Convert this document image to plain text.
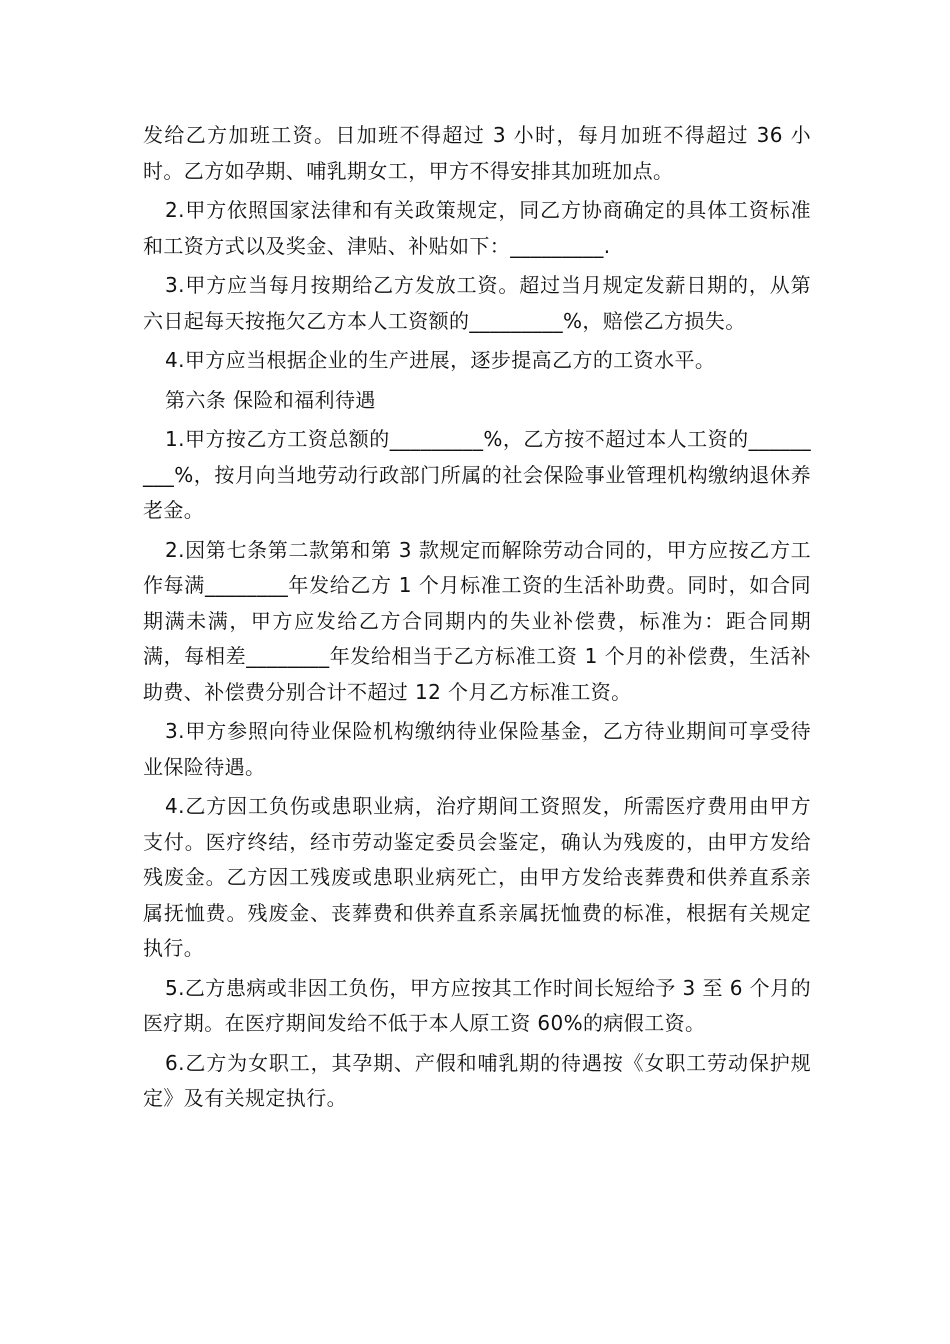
发给乙方加班工资。日加班不得超过 3 小时，每月加班不得超过 36 小时。乙方如孕期、哺乳期女工，甲方不得安排其加班加点。

2.甲方依照国家法律和有关政策规定，同乙方协商确定的具体工资标准和工资方式以及奖金、津贴、补贴如下：_________.

3.甲方应当每月按期给乙方发放工资。超过当月规定发薪日期的，从第六日起每天按拖欠乙方本人工资额的_________%，赔偿乙方损失。

4.甲方应当根据企业的生产进展，逐步提高乙方的工资水平。

第六条 保险和福利待遇

1.甲方按乙方工资总额的_________%，乙方按不超过本人工资的_________%，按月向当地劳动行政部门所属的社会保险事业管理机构缴纳退休养老金。

2.因第七条第二款第和第 3 款规定而解除劳动合同的，甲方应按乙方工作每满________年发给乙方 1 个月标准工资的生活补助费。同时，如合同期满未满，甲方应发给乙方合同期内的失业补偿费，标准为：距合同期满，每相差________年发给相当于乙方标准工资 1 个月的补偿费，生活补助费、补偿费分别合计不超过 12 个月乙方标准工资。

3.甲方参照向待业保险机构缴纳待业保险基金，乙方待业期间可享受待业保险待遇。

4.乙方因工负伤或患职业病，治疗期间工资照发，所需医疗费用由甲方支付。医疗终结，经市劳动鉴定委员会鉴定，确认为残废的，由甲方发给残废金。乙方因工残废或患职业病死亡，由甲方发给丧葬费和供养直系亲属抚恤费。残废金、丧葬费和供养直系亲属抚恤费的标准，根据有关规定执行。

5.乙方患病或非因工负伤，甲方应按其工作时间长短给予 3 至 6 个月的医疗期。在医疗期间发给不低于本人原工资 60%的病假工资。

6.乙方为女职工，其孕期、产假和哺乳期的待遇按《女职工劳动保护规定》及有关规定执行。
